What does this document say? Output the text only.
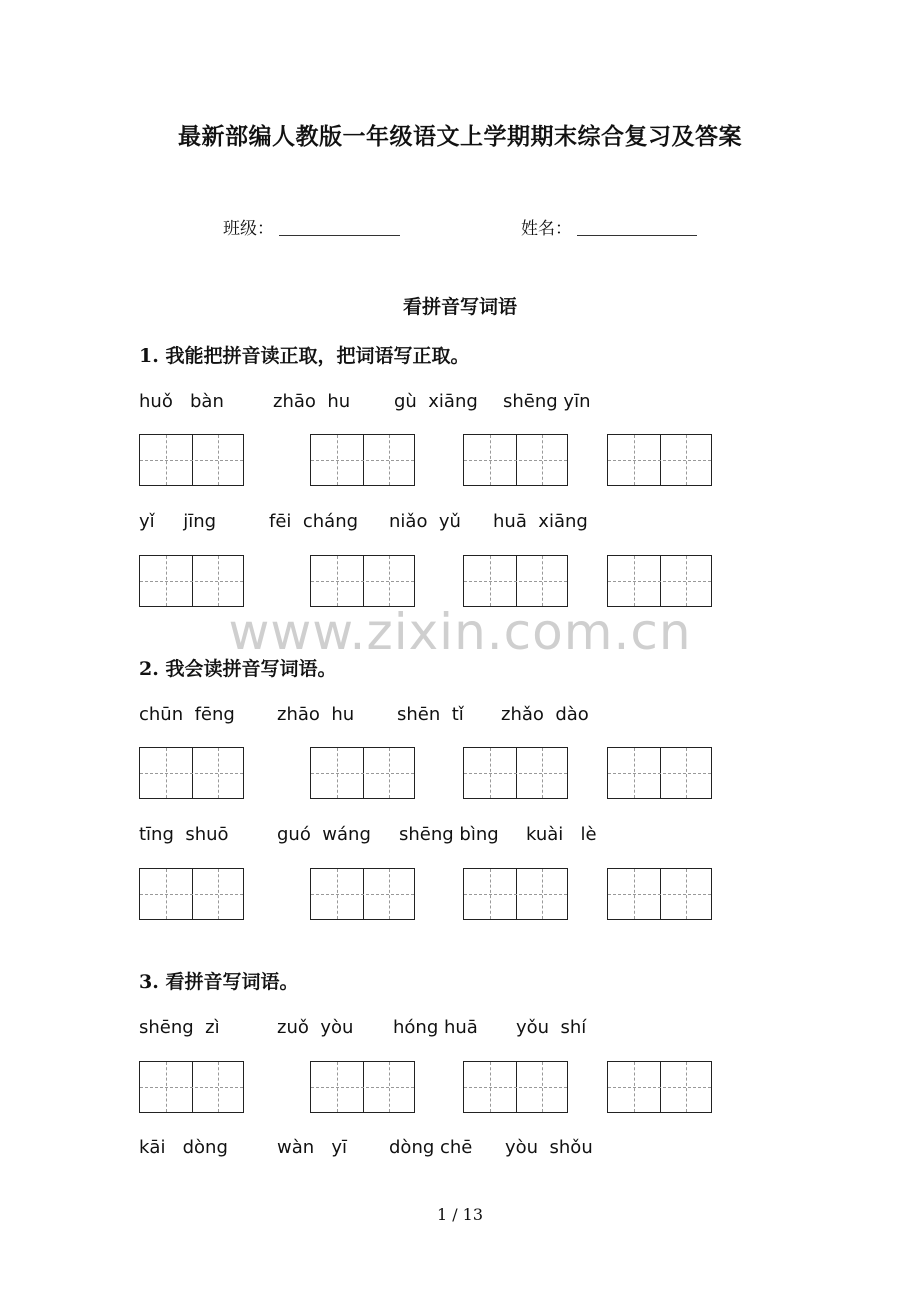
最新部编人教版一年级语文上学期期末综合复习及答案
班级：	姓名：
看拼音写词语
www.zixin.com.cn
1. 我能把拼音读正取，把词语写正取。
huǒ   bàn	zhāo  hu gù  xiāng shēng yīn
yǐ     jīng	fēi  cháng niǎo  yǔ huā  xiāng
2. 我会读拼音写词语。
chūn  fēng zhāo  hu shēn  tǐ zhǎo  dào
tīng  shuō	guó  wáng shēng bìng kuài   lè
3. 看拼音写词语。
shēng  zì	zuǒ  yòu hóng huā yǒu  shí
kāi   dòng	wàn   yī dòng chē yòu  shǒu
1 / 13
